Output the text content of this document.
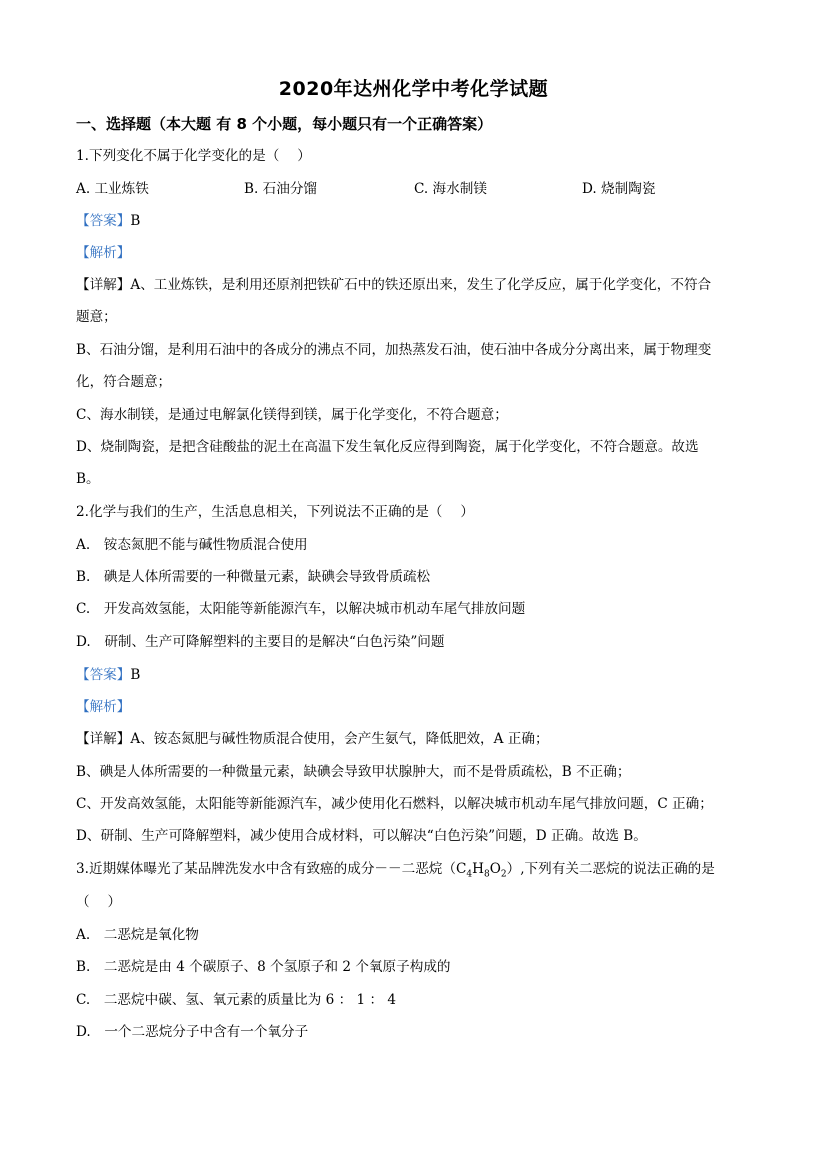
2020年达州化学中考化学试题
一、选择题（本大题 有 8 个小题，每小题只有一个正确答案）
1.下列变化不属于化学变化的是（　 ）
A. 工业炼铁	B. 石油分馏	C. 海水制镁	D. 烧制陶瓷
【答案】B
【解析】
【详解】A、工业炼铁，是利用还原剂把铁矿石中的铁还原出来，发生了化学反应，属于化学变化，不符合
题意；
B、石油分馏，是利用石油中的各成分的沸点不同，加热蒸发石油，使石油中各成分分离出来，属于物理变
化，符合题意；
C、海水制镁，是通过电解氯化镁得到镁，属于化学变化，不符合题意；
D、烧制陶瓷，是把含硅酸盐的泥土在高温下发生氧化反应得到陶瓷，属于化学变化，不符合题意。故选
B。
2.化学与我们的生产，生活息息相关，下列说法不正确的是（　 ）
A.　铵态氮肥不能与碱性物质混合使用
B.　碘是人体所需要的一种微量元素，缺碘会导致骨质疏松
C.　开发高效氢能，太阳能等新能源汽车，以解决城市机动车尾气排放问题
D.　研制、生产可降解塑料的主要目的是解决“白色污染”问题
【答案】B
【解析】
【详解】A、铵态氮肥与碱性物质混合使用，会产生氨气，降低肥效，A 正确；
B、碘是人体所需要的一种微量元素，缺碘会导致甲状腺肿大，而不是骨质疏松，B 不正确；
C、开发高效氢能，太阳能等新能源汽车，减少使用化石燃料，以解决城市机动车尾气排放问题，C 正确；
D、研制、生产可降解塑料，减少使用合成材料，可以解决“白色污染”问题，D 正确。故选 B。
3.近期媒体曝光了某品牌洗发水中含有致癌的成分－－二恶烷$(C_4H_8O_2)$,下列有关二恶烷的说法正确的是
（　 ）
A.　二恶烷是氧化物
B.　二恶烷是由 4 个碳原子、8 个氢原子和 2 个氧原子构成的
C.　二恶烷中碳、氢、氧元素的质量比为 6 ： 1 ： 4
D.　一个二恶烷分子中含有一个氧分子
